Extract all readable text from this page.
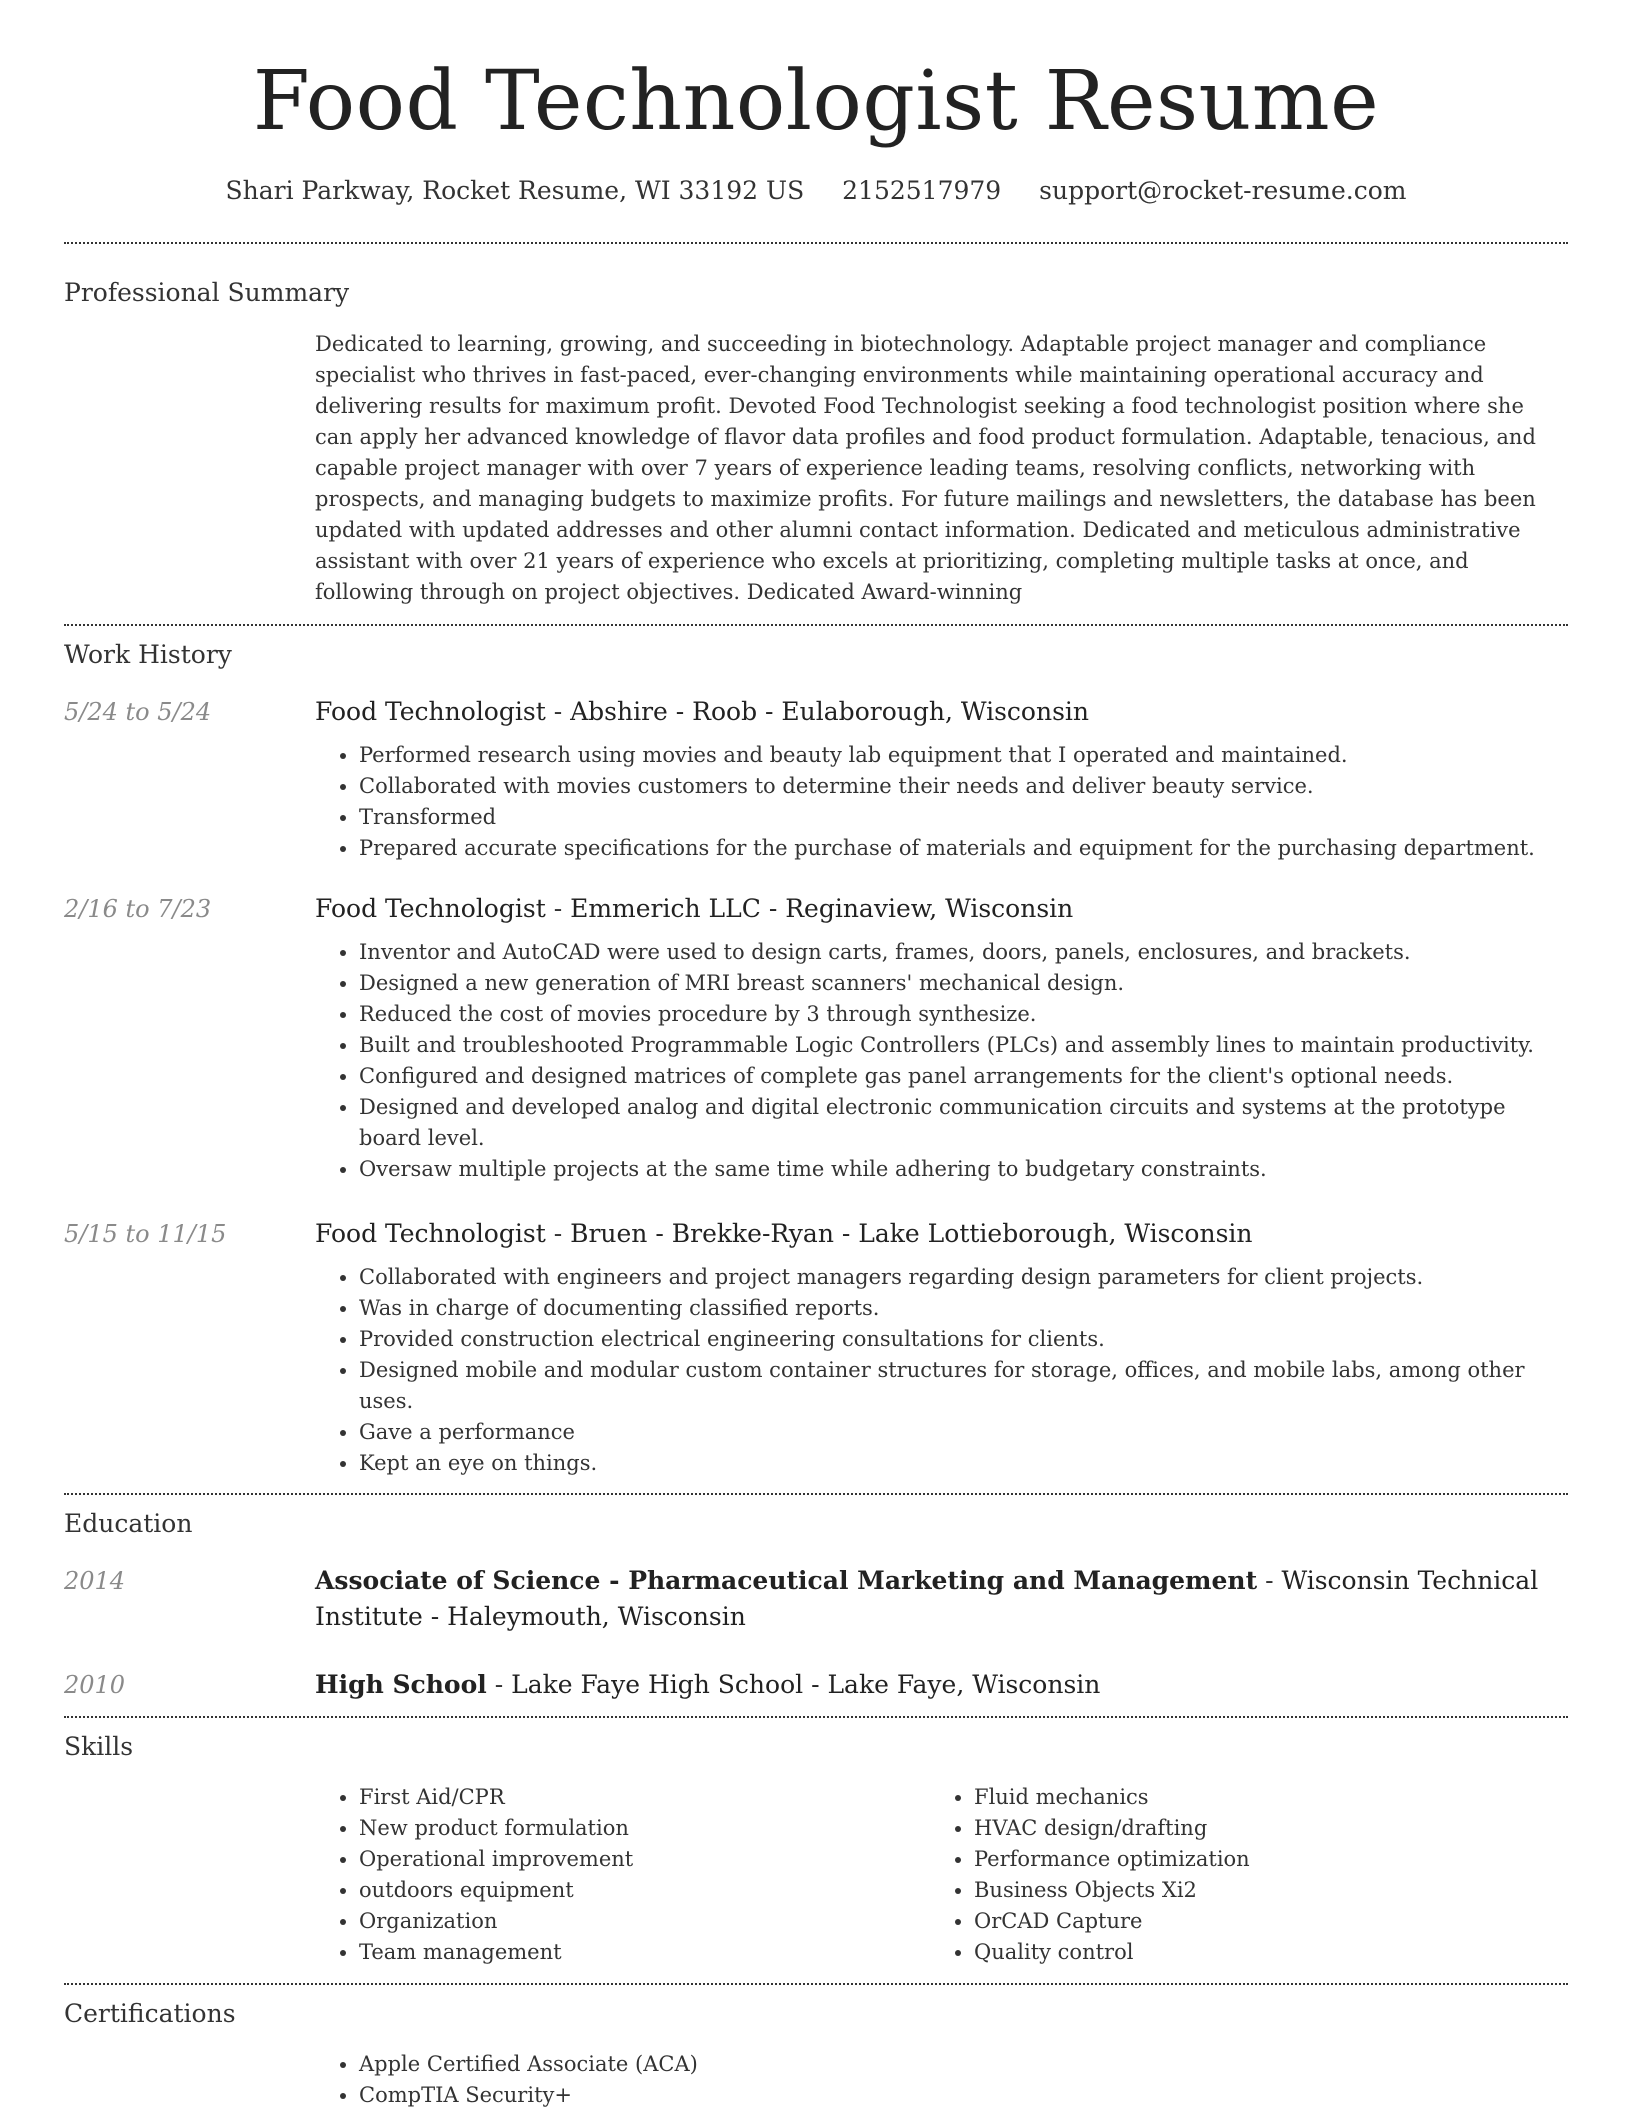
Food Technologist Resume
Shari Parkway, Rocket Resume, WI 33192 US 2152517979 support@rocket-resume.com
Professional Summary
Dedicated to learning, growing, and succeeding in biotechnology. Adaptable project manager and compliance specialist who thrives in fast-paced, ever-changing environments while maintaining operational accuracy and delivering results for maximum profit. Devoted Food Technologist seeking a food technologist position where she can apply her advanced knowledge of flavor data profiles and food product formulation. Adaptable, tenacious, and capable project manager with over 7 years of experience leading teams, resolving conflicts, networking with prospects, and managing budgets to maximize profits. For future mailings and newsletters, the database has been updated with updated addresses and other alumni contact information. Dedicated and meticulous administrative assistant with over 21 years of experience who excels at prioritizing, completing multiple tasks at once, and following through on project objectives. Dedicated Award-winning
Work History
5/24 to 5/24	Food Technologist - Abshire - Roob - Eulaborough, Wisconsin
• Performed research using movies and beauty lab equipment that I operated and maintained.
• Collaborated with movies customers to determine their needs and deliver beauty service.
• Transformed
• Prepared accurate specifications for the purchase of materials and equipment for the purchasing department.
2/16 to 7/23	Food Technologist - Emmerich LLC - Reginaview, Wisconsin
• Inventor and AutoCAD were used to design carts, frames, doors, panels, enclosures, and brackets.
• Designed a new generation of MRI breast scanners' mechanical design.
• Reduced the cost of movies procedure by 3 through synthesize.
• Built and troubleshooted Programmable Logic Controllers (PLCs) and assembly lines to maintain productivity.
• Configured and designed matrices of complete gas panel arrangements for the client's optional needs.
• Designed and developed analog and digital electronic communication circuits and systems at the prototype board level.
• Oversaw multiple projects at the same time while adhering to budgetary constraints.
5/15 to 11/15	Food Technologist - Bruen - Brekke-Ryan - Lake Lottieborough, Wisconsin
• Collaborated with engineers and project managers regarding design parameters for client projects.
• Was in charge of documenting classified reports.
• Provided construction electrical engineering consultations for clients.
• Designed mobile and modular custom container structures for storage, offices, and mobile labs, among other uses.
• Gave a performance
• Kept an eye on things.
Education
2014	Associate of Science - Pharmaceutical Marketing and Management - Wisconsin Technical Institute - Haleymouth, Wisconsin
2010	High School - Lake Faye High School - Lake Faye, Wisconsin
Skills
• First Aid/CPR
• New product formulation
• Operational improvement
• outdoors equipment
• Organization
• Team management
• Fluid mechanics
• HVAC design/drafting
• Performance optimization
• Business Objects Xi2
• OrCAD Capture
• Quality control
Certifications
• Apple Certified Associate (ACA)
• CompTIA Security+
